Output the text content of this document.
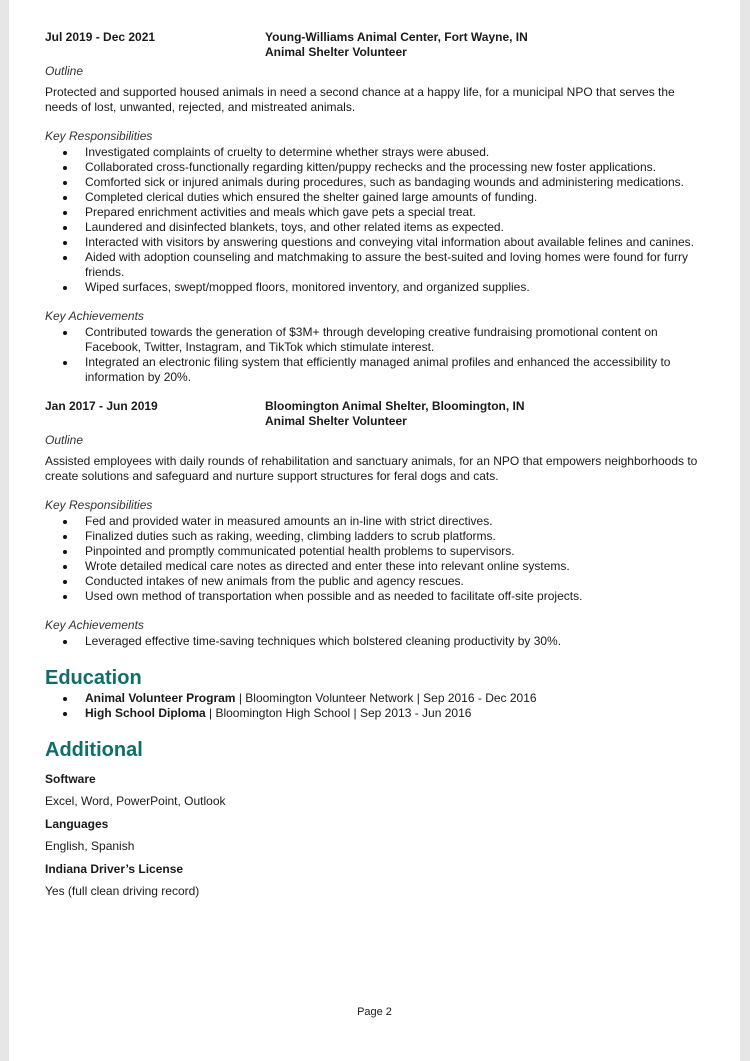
Jul 2019 - Dec 2021	Young-Williams Animal Center, Fort Wayne, IN
Animal Shelter Volunteer
Outline
Protected and supported housed animals in need a second chance at a happy life, for a municipal NPO that serves the needs of lost, unwanted, rejected, and mistreated animals.
Key Responsibilities
Investigated complaints of cruelty to determine whether strays were abused.
Collaborated cross-functionally regarding kitten/puppy rechecks and the processing new foster applications.
Comforted sick or injured animals during procedures, such as bandaging wounds and administering medications.
Completed clerical duties which ensured the shelter gained large amounts of funding.
Prepared enrichment activities and meals which gave pets a special treat.
Laundered and disinfected blankets, toys, and other related items as expected.
Interacted with visitors by answering questions and conveying vital information about available felines and canines.
Aided with adoption counseling and matchmaking to assure the best-suited and loving homes were found for furry friends.
Wiped surfaces, swept/mopped floors, monitored inventory, and organized supplies.
Key Achievements
Contributed towards the generation of $3M+ through developing creative fundraising promotional content on Facebook, Twitter, Instagram, and TikTok which stimulate interest.
Integrated an electronic filing system that efficiently managed animal profiles and enhanced the accessibility to information by 20%.
Jan 2017 - Jun 2019	Bloomington Animal Shelter, Bloomington, IN
Animal Shelter Volunteer
Outline
Assisted employees with daily rounds of rehabilitation and sanctuary animals, for an NPO that empowers neighborhoods to create solutions and safeguard and nurture support structures for feral dogs and cats.
Key Responsibilities
Fed and provided water in measured amounts an in-line with strict directives.
Finalized duties such as raking, weeding, climbing ladders to scrub platforms.
Pinpointed and promptly communicated potential health problems to supervisors.
Wrote detailed medical care notes as directed and enter these into relevant online systems.
Conducted intakes of new animals from the public and agency rescues.
Used own method of transportation when possible and as needed to facilitate off-site projects.
Key Achievements
Leveraged effective time-saving techniques which bolstered cleaning productivity by 30%.
Education
Animal Volunteer Program | Bloomington Volunteer Network | Sep 2016 - Dec 2016
High School Diploma | Bloomington High School | Sep 2013 - Jun 2016
Additional
Software
Excel, Word, PowerPoint, Outlook
Languages
English, Spanish
Indiana Driver’s License
Yes (full clean driving record)
Page 2
